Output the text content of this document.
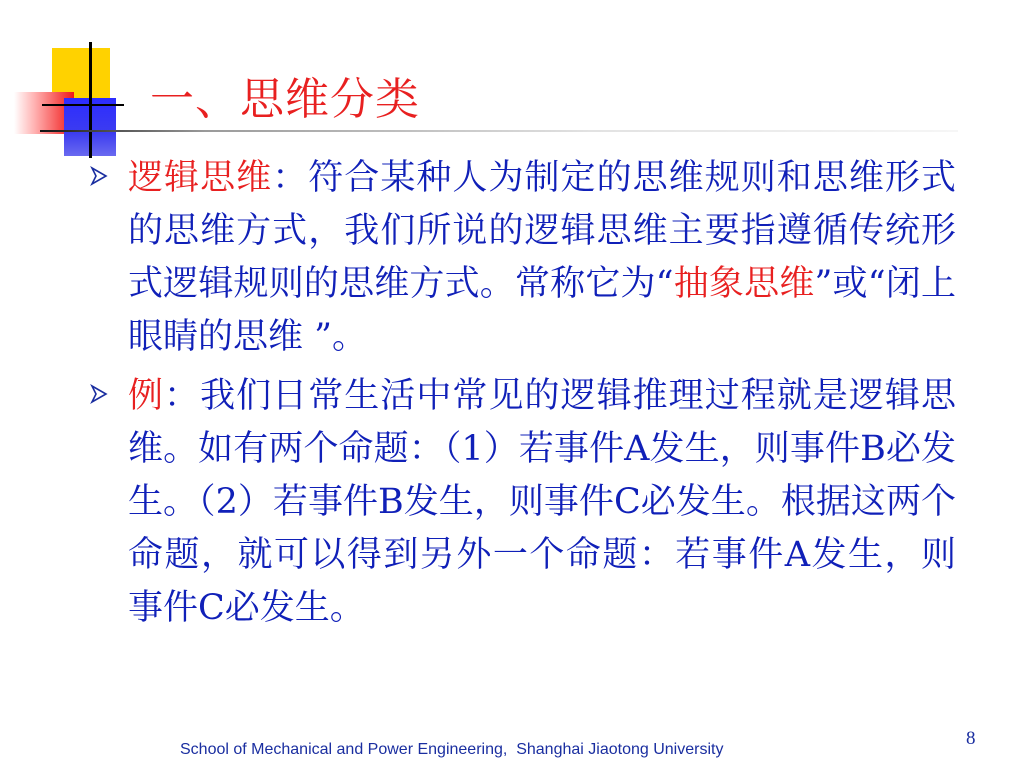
一、思维分类
逻辑思维：符合某种人为制定的思维规则和思维形式的思维方式，我们所说的逻辑思维主要指遵循传统形式逻辑规则的思维方式。常称它为“抽象思维”或“闭上眼睛的思维 ”。
例：我们日常生活中常见的逻辑推理过程就是逻辑思维。如有两个命题：（1）若事件A发生，则事件B必发生。（2）若事件B发生，则事件C必发生。根据这两个命题，就可以得到另外一个命题：若事件A发生，则事件C必发生。
School of Mechanical and Power Engineering,  Shanghai Jiaotong University
8
